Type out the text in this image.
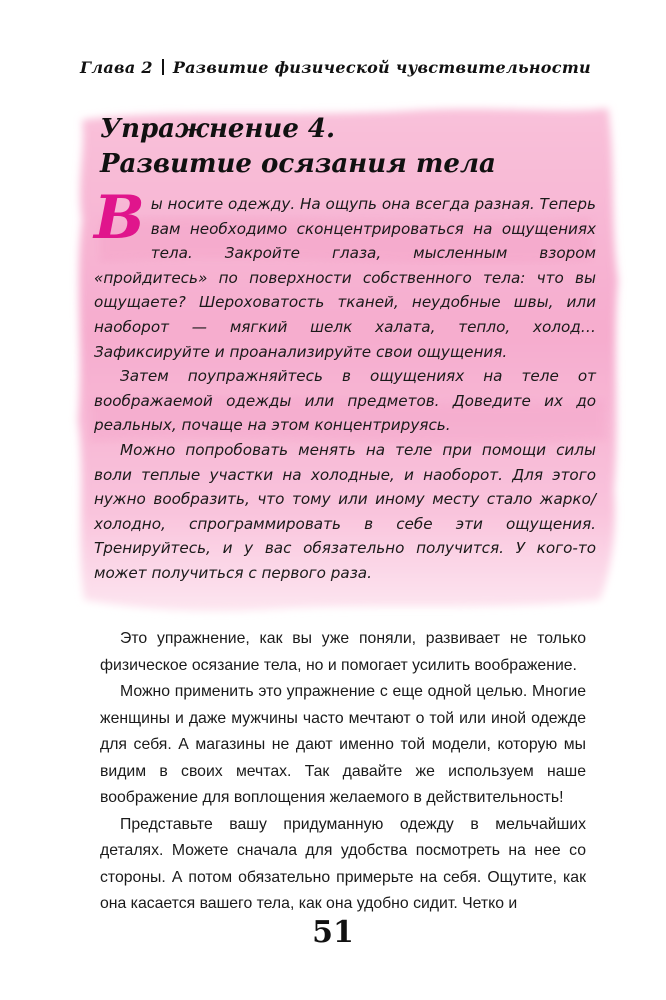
Глава 2 Развитие физической чувствительности
Упражнение 4.
Развитие осязания тела

Вы носите одежду. На ощупь она всегда разная. Теперь вам необходимо сконцентрироваться на ощущениях тела. Закройте глаза, мысленным взором «пройдитесь» по поверхности собственного тела: что вы ощущаете? Шероховатость тканей, неудобные швы, или наоборот — мягкий шелк халата, тепло, холод… Зафиксируйте и проанализируйте свои ощущения.

Затем поупражняйтесь в ощущениях на теле от воображаемой одежды или предметов. Доведите их до реальных, почаще на этом концентрируясь.

Можно попробовать менять на теле при помощи силы воли теплые участки на холодные, и наоборот. Для этого нужно вообразить, что тому или иному месту стало жарко/холодно, спрограммировать в себе эти ощущения. Тренируйтесь, и у вас обязательно получится. У кого-то может получиться с первого раза.

Это упражнение, как вы уже поняли, развивает не только физическое осязание тела, но и помогает усилить воображение.

Можно применить это упражнение с еще одной целью. Многие женщины и даже мужчины часто мечтают о той или иной одежде для себя. А магазины не дают именно той модели, которую мы видим в своих мечтах. Так давайте же используем наше воображение для воплощения желаемого в действительность!

Представьте вашу придуманную одежду в мельчайших деталях. Можете сначала для удобства посмотреть на нее со стороны. А потом обязательно примерьте на себя. Ощутите, как она касается вашего тела, как она удобно сидит. Четко и

51
